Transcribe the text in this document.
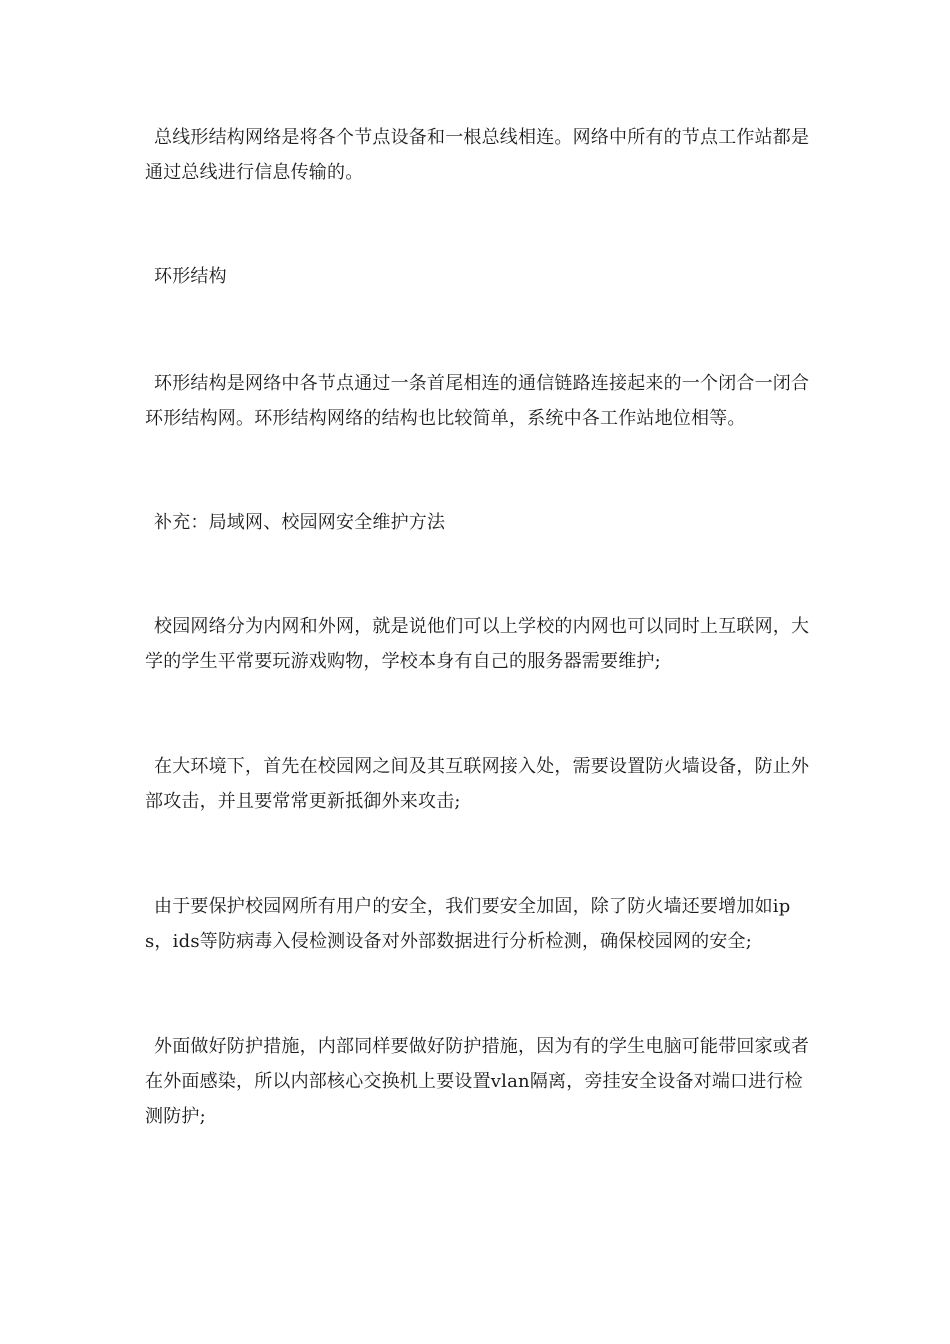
总线形结构网络是将各个节点设备和一根总线相连。网络中所有的节点工作站都是通过总线进行信息传输的。

环形结构

环形结构是网络中各节点通过一条首尾相连的通信链路连接起来的一个闭合一闭合环形结构网。环形结构网络的结构也比较简单，系统中各工作站地位相等。

补充：局域网、校园网安全维护方法

校园网络分为内网和外网，就是说他们可以上学校的内网也可以同时上互联网，大学的学生平常要玩游戏购物，学校本身有自己的服务器需要维护;

在大环境下，首先在校园网之间及其互联网接入处，需要设置防火墙设备，防止外部攻击，并且要常常更新抵御外来攻击;

由于要保护校园网所有用户的安全，我们要安全加固，除了防火墙还要增加如ips，ids等防病毒入侵检测设备对外部数据进行分析检测，确保校园网的安全;

外面做好防护措施，内部同样要做好防护措施，因为有的学生电脑可能带回家或者在外面感染，所以内部核心交换机上要设置vlan隔离，旁挂安全设备对端口进行检测防护;
